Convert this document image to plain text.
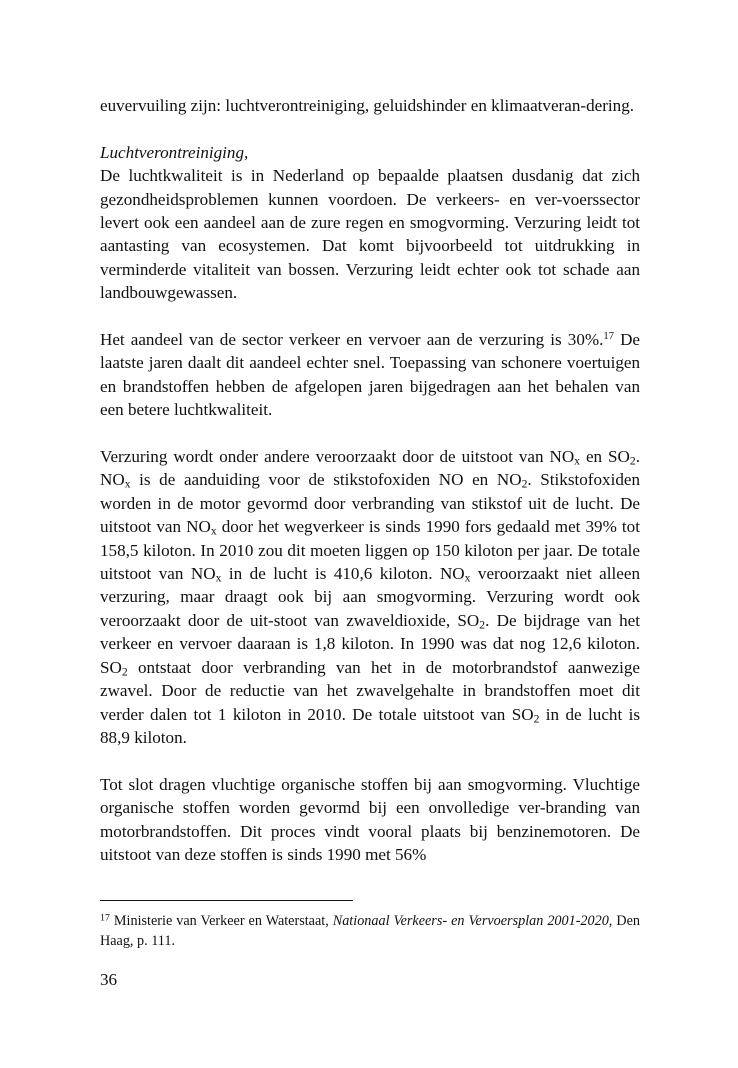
euvervuiling zijn: luchtverontreiniging, geluidshinder en klimaatveran-dering.

Luchtverontreiniging,
De luchtkwaliteit is in Nederland op bepaalde plaatsen dusdanig dat zich gezondheidsproblemen kunnen voordoen. De verkeers- en ver-voerssector levert ook een aandeel aan de zure regen en smogvorming. Verzuring leidt tot aantasting van ecosystemen. Dat komt bijvoorbeeld tot uitdrukking in verminderde vitaliteit van bossen. Verzuring leidt echter ook tot schade aan landbouwgewassen.

Het aandeel van de sector verkeer en vervoer aan de verzuring is 30%.$^{17}$ De laatste jaren daalt dit aandeel echter snel. Toepassing van schonere voertuigen en brandstoffen hebben de afgelopen jaren bijgedragen aan het behalen van een betere luchtkwaliteit.

Verzuring wordt onder andere veroorzaakt door de uitstoot van $NO_x$ en $SO_2$. $NO_x$ is de aanduiding voor de stikstofoxiden NO en $NO_2$. Stikstofoxiden worden in de motor gevormd door verbranding van stikstof uit de lucht. De uitstoot van $NO_x$ door het wegverkeer is sinds 1990 fors gedaald met 39% tot 158,5 kiloton. In 2010 zou dit moeten liggen op 150 kiloton per jaar. De totale uitstoot van $NO_x$ in de lucht is 410,6 kiloton. $NO_x$ veroorzaakt niet alleen verzuring, maar draagt ook bij aan smogvorming. Verzuring wordt ook veroorzaakt door de uit-stoot van zwaveldioxide, $SO_2$. De bijdrage van het verkeer en vervoer daaraan is 1,8 kiloton. In 1990 was dat nog 12,6 kiloton. $SO_2$ ontstaat door verbranding van het in de motorbrandstof aanwezige zwavel. Door de reductie van het zwavelgehalte in brandstoffen moet dit verder dalen tot 1 kiloton in 2010. De totale uitstoot van $SO_2$ in de lucht is 88,9 kiloton.

Tot slot dragen vluchtige organische stoffen bij aan smogvorming. Vluchtige organische stoffen worden gevormd bij een onvolledige ver-branding van motorbrandstoffen. Dit proces vindt vooral plaats bij benzinemotoren. De uitstoot van deze stoffen is sinds 1990 met 56%

$^{17}$ Ministerie van Verkeer en Waterstaat, Nationaal Verkeers- en Vervoersplan 2001-2020, Den Haag, p. 111.
36
